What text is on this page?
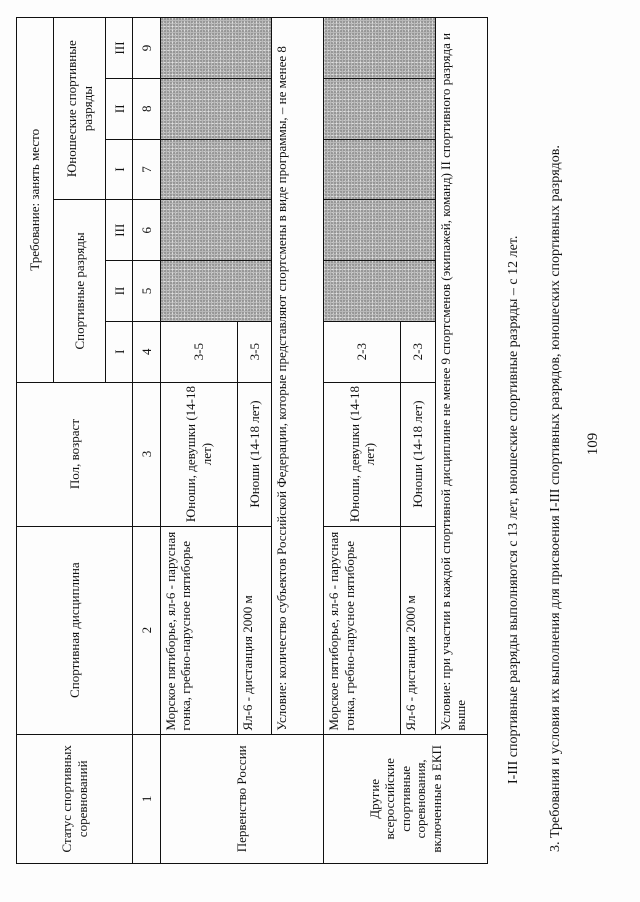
109
3. Требования и условия их выполнения для присвоения I-III спортивных разрядов, юношеских спортивных разрядов.
I-III спортивные разряды выполняются с 13 лет, юношеские спортивные разряды – с 12 лет.
Статус спортивных соревнований	Спортивная дисциплина	Пол, возраст	Требование: занять место					
			Спортивные разряды			Юношеские спортивные разряды		
			I	II	III	I	II	III
1	2	3	4	5	6	7	8	9
Первенство России	Морское пятиборье, ял-6 - парусная гонка, гребно-парусное пятиборье	Юноши, девушки (14-18 лет)	3-5					
	Ял-6 - дистанция 2000 м	Юноши (14-18 лет)	3-5					
	Условие: количество субъектов Российской Федерации, которые представляют спортсмены в виде программы, – не менее 8							
Другие всероссийские спортивные соревнования, включенные в ЕКП	Морское пятиборье, ял-6 - парусная гонка, гребно-парусное пятиборье	Юноши, девушки (14-18 лет)	2-3					
	Ял-6 - дистанция 2000 м	Юноши (14-18 лет)	2-3					
	Условие: при участии в каждой спортивной дисциплине не менее 9 спортсменов (экипажей, команд) II спортивного разряда и выше							
